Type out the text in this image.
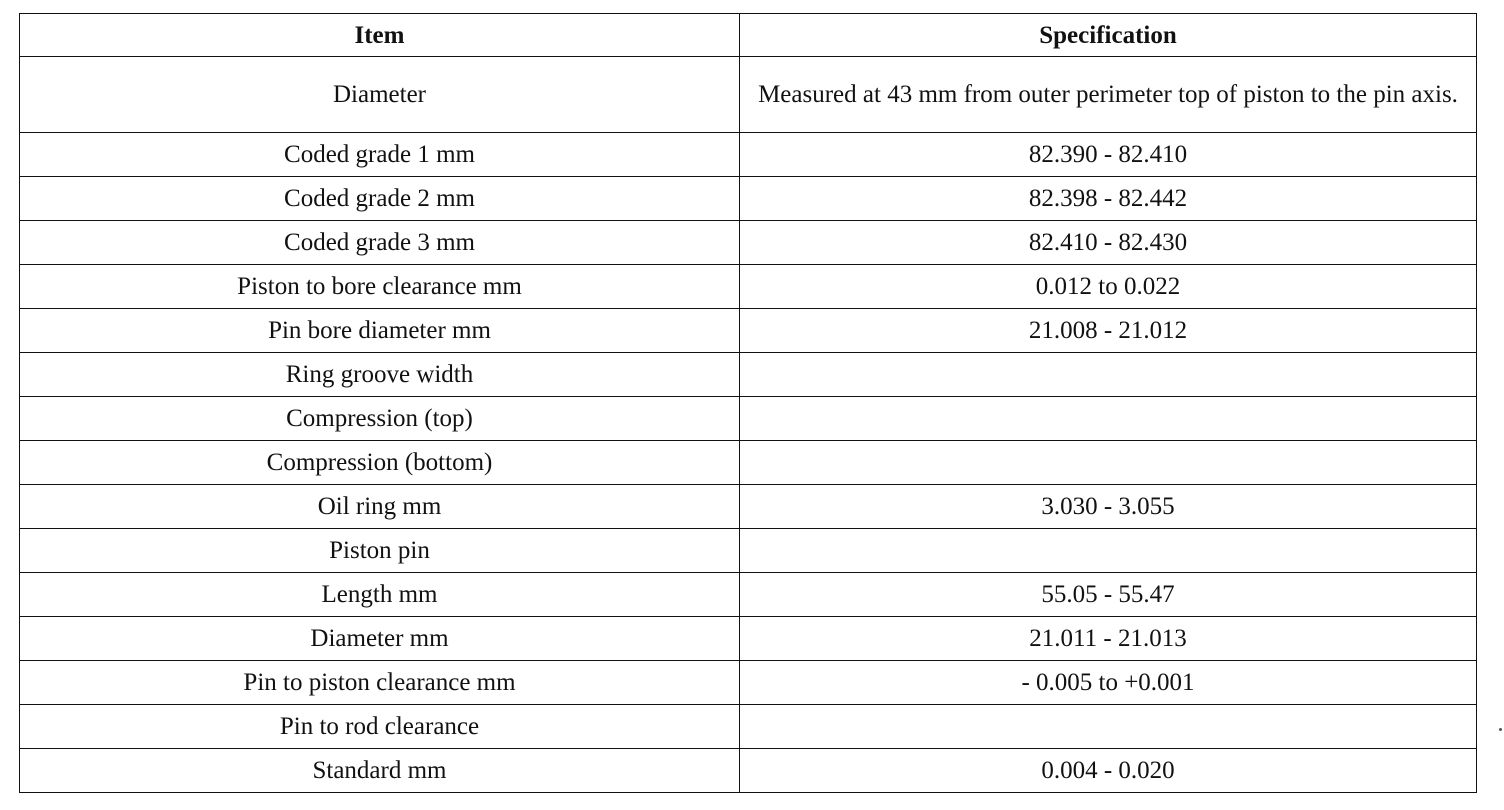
Item	Specification
Diameter	Measured at 43 mm from outer perimeter top of piston to the pin axis.
Coded grade 1 mm	82.390 - 82.410
Coded grade 2 mm	82.398 - 82.442
Coded grade 3 mm	82.410 - 82.430
Piston to bore clearance mm	0.012 to 0.022
Pin bore diameter mm	21.008 - 21.012
Ring groove width	
Compression (top)	
Compression (bottom)	
Oil ring mm	3.030 - 3.055
Piston pin	
Length mm	55.05 - 55.47
Diameter mm	21.011 - 21.013
Pin to piston clearance mm	- 0.005 to +0.001
Pin to rod clearance	
Standard mm	0.004 - 0.020
